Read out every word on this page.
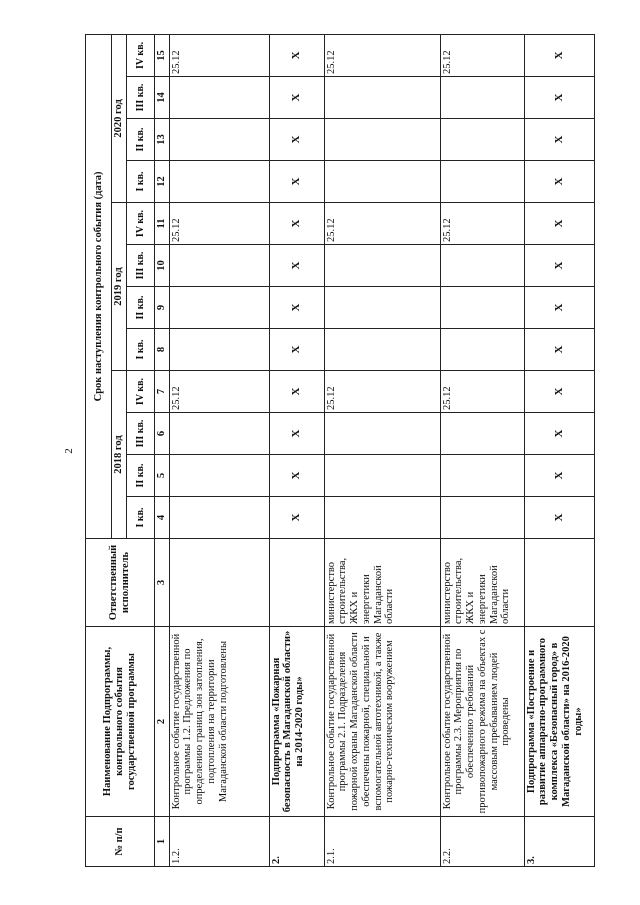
2
№ п/п	Наименование Подпрограммы, контрольного события государственной программы	Ответственный исполнитель	Срок наступления контрольного события (дата)											
			2018 год				2019 год				2020 год			
			I кв.	II кв.	III кв.	IV кв.	I кв.	II кв.	III кв.	IV кв.	I кв.	II кв.	III кв.	IV кв.
1	2	3	4	5	6	7	8	9	10	11	12	13	14	15
1.2.	Контрольное событие государственной программы 1.2. Предложения по определению границ зон затопления, подтопления на территории Магаданской области подготовлены					25.12				25.12				25.12
2.	Подпрограмма «Пожарная безопасность в Магаданской области» на 2014-2020 годы»		X	X	X	X	X	X	X	X	X	X	X	X
2.1.	Контрольное событие государственной программы 2.1. Подразделения пожарной охраны Магаданской области обеспечены пожарной, специальной и вспомогательной автотехникой, а также пожарно-техническим вооружением	министерство строительства, ЖКХ и энергетики Магаданской области				25.12				25.12				25.12
2.2.	Контрольное событие государственной программы 2.3. Мероприятия по обеспечению требований противопожарного режима на объектах с массовым пребыванием людей проведены	министерство строительства, ЖКХ и энергетики Магаданской области				25.12				25.12				25.12
3.	Подпрограмма «Построение и развитие аппаратно-программного комплекса «Безопасный город» в Магаданской области» на 2016-2020 годы»		X	X	X	X	X	X	X	X	X	X	X	X
